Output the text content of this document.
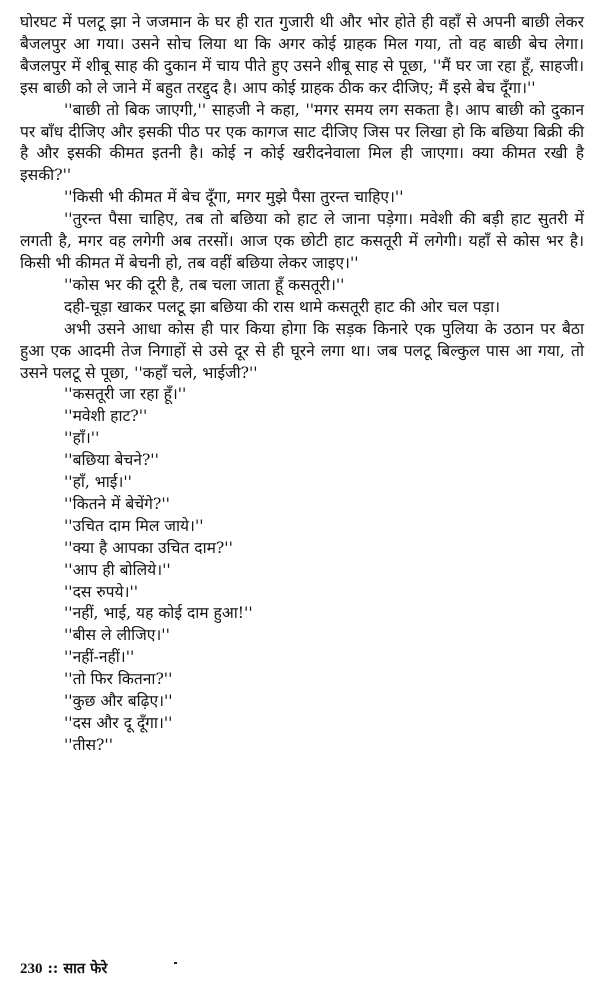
घोरघट में पलटू झा ने जजमान के घर ही रात गुजारी थी और भोर होते ही वहाँ से अपनी बाछी लेकर बैजलपुर आ गया। उसने सोच लिया था कि अगर कोई ग्राहक मिल गया, तो वह बाछी बेच लेगा। बैजलपुर में शीबू साह की दुकान में चाय पीते हुए उसने शीबू साह से पूछा, ''मैं घर जा रहा हूँ, साहजी। इस बाछी को ले जाने में बहुत तरद्दुद है। आप कोई ग्राहक ठीक कर दीजिए; मैं इसे बेच दूँगा।''

''बाछी तो बिक जाएगी,'' साहजी ने कहा, ''मगर समय लग सकता है। आप बाछी को दुकान पर बाँध दीजिए और इसकी पीठ पर एक कागज साट दीजिए जिस पर लिखा हो कि बछिया बिक्री की है और इसकी कीमत इतनी है। कोई न कोई खरीदनेवाला मिल ही जाएगा। क्या कीमत रखी है इसकी?''

''किसी भी कीमत में बेच दूँगा, मगर मुझे पैसा तुरन्त चाहिए।''

''तुरन्त पैसा चाहिए, तब तो बछिया को हाट ले जाना पड़ेगा। मवेशी की बड़ी हाट सुतरी में लगती है, मगर वह लगेगी अब तरसों। आज एक छोटी हाट कसतूरी में लगेगी। यहाँ से कोस भर है। किसी भी कीमत में बेचनी हो, तब वहीं बछिया लेकर जाइए।''

''कोस भर की दूरी है, तब चला जाता हूँ कसतूरी।''

दही-चूड़ा खाकर पलटू झा बछिया की रास थामे कसतूरी हाट की ओर चल पड़ा।

अभी उसने आधा कोस ही पार किया होगा कि सड़क किनारे एक पुलिया के उठान पर बैठा हुआ एक आदमी तेज निगाहों से उसे दूर से ही घूरने लगा था। जब पलटू बिल्कुल पास आ गया, तो उसने पलटू से पूछा, ''कहाँ चले, भाईजी?''

''कसतूरी जा रहा हूँ।''

''मवेशी हाट?''

''हाँ।''

''बछिया बेचने?''

''हाँ, भाई।''

''कितने में बेचेंगे?''

''उचित दाम मिल जाये।''

''क्या है आपका उचित दाम?''

''आप ही बोलिये।''

''दस रुपये।''

''नहीं, भाई, यह कोई दाम हुआ!''

''बीस ले लीजिए।''

''नहीं-नहीं।''

''तो फिर कितना?''

''कुछ और बढ़िए।''

''दस और दू दूँगा।''

''तीस?''

230 :: सात फेरे
